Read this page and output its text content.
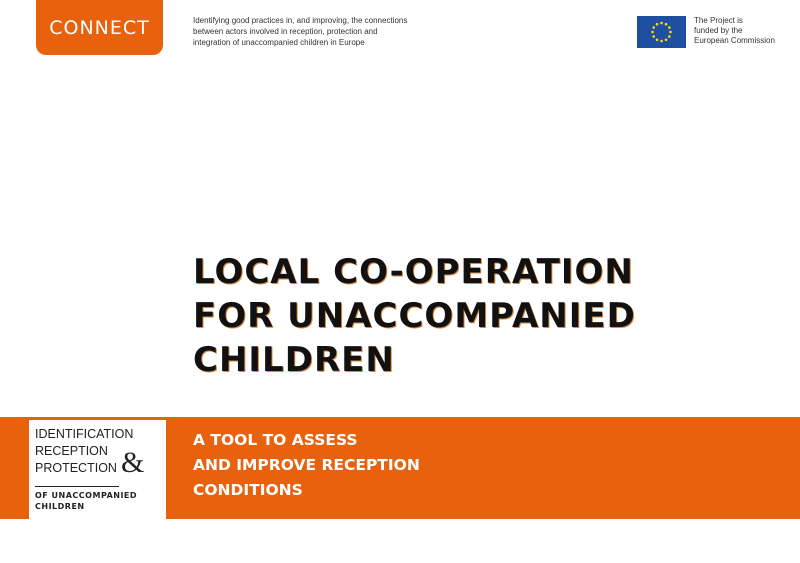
CONNECT	Identifying good practices in, and improving, the connections
between actors involved in reception, protection and
integration of unaccompanied children in Europe
The Project is
funded by the
European Commission
LOCAL CO-OPERATION
FOR UNACCOMPANIED
CHILDREN
IDENTIFICATION
RECEPTION
PROTECTION &
OF UNACCOMPANIED
CHILDREN
A TOOL TO ASSESS
AND IMPROVE RECEPTION
CONDITIONS
